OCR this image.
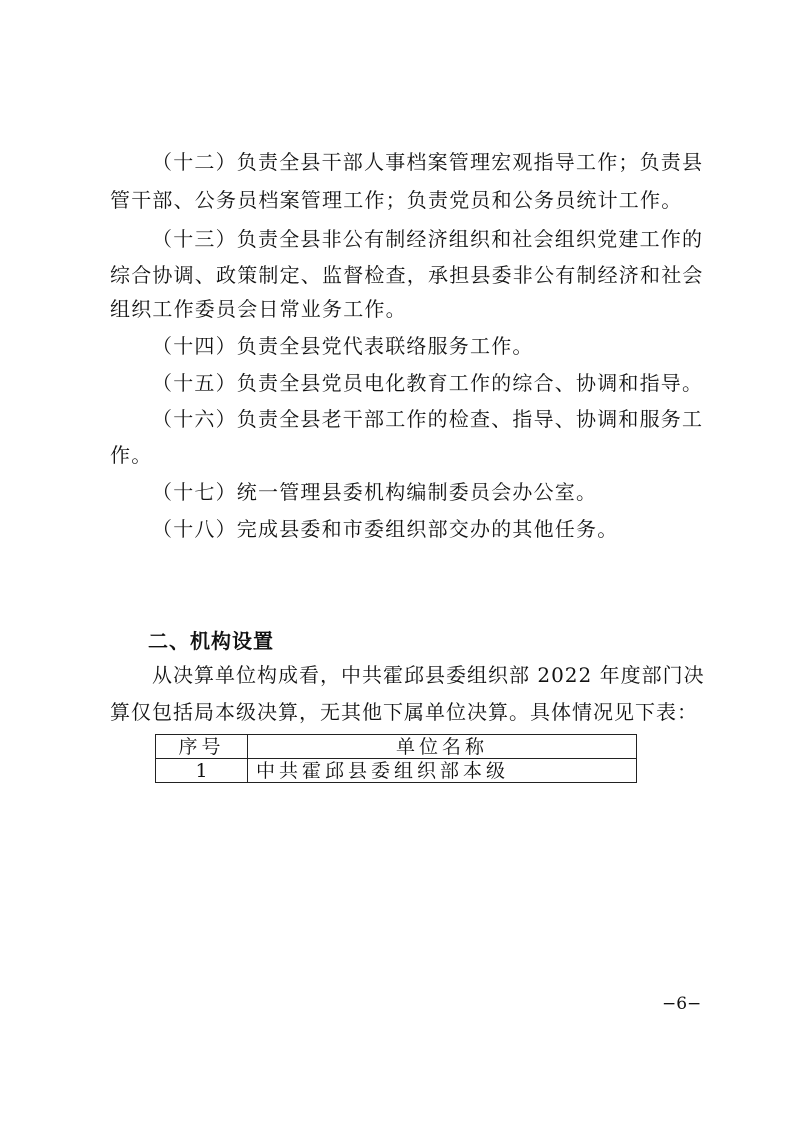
（十二）负责全县干部人事档案管理宏观指导工作；负责县
管干部、公务员档案管理工作；负责党员和公务员统计工作。
（十三）负责全县非公有制经济组织和社会组织党建工作的
综合协调、政策制定、监督检查，承担县委非公有制经济和社会
组织工作委员会日常业务工作。
（十四）负责全县党代表联络服务工作。
（十五）负责全县党员电化教育工作的综合、协调和指导。
（十六）负责全县老干部工作的检查、指导、协调和服务工
作。
（十七）统一管理县委机构编制委员会办公室。
（十八）完成县委和市委组织部交办的其他任务。
二、机构设置
从决算单位构成看，中共霍邱县委组织部 2022 年度部门决
算仅包括局本级决算，无其他下属单位决算。具体情况见下表：
序号	单位名称
1	中共霍邱县委组织部本级
−6−
